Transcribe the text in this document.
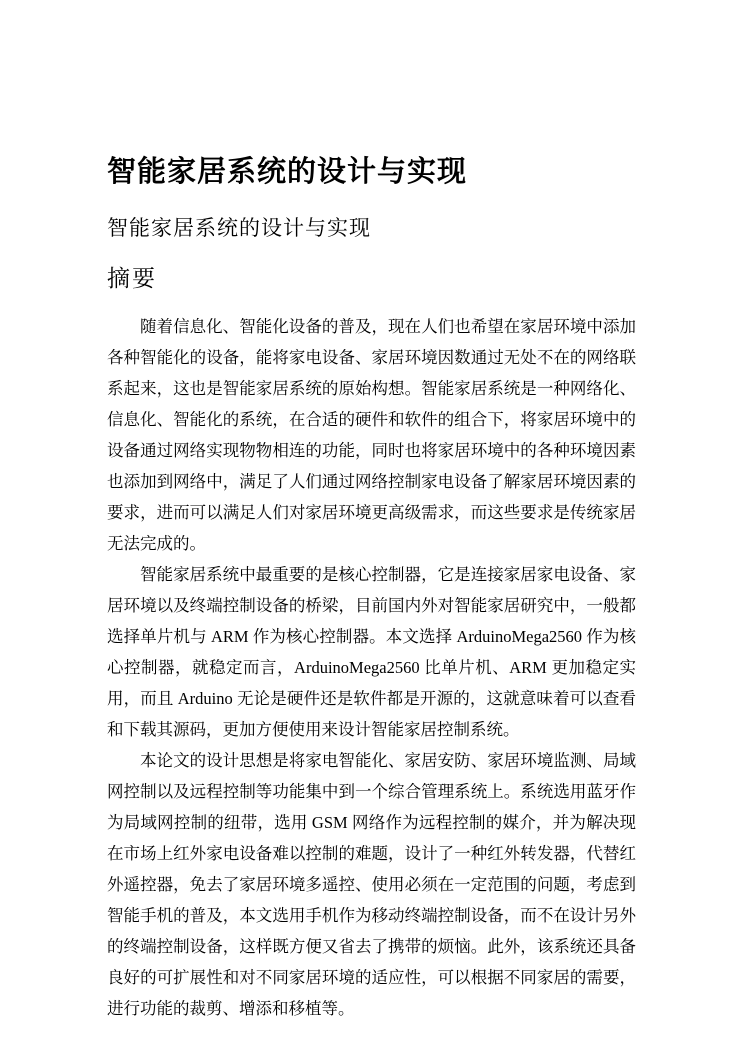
智能家居系统的设计与实现
智能家居系统的设计与实现
摘要

随着信息化、智能化设备的普及，现在人们也希望在家居环境中添加各种智能化的设备，能将家电设备、家居环境因数通过无处不在的网络联系起来，这也是智能家居系统的原始构想。智能家居系统是一种网络化、信息化、智能化的系统，在合适的硬件和软件的组合下，将家居环境中的设备通过网络实现物物相连的功能，同时也将家居环境中的各种环境因素也添加到网络中，满足了人们通过网络控制家电设备了解家居环境因素的要求，进而可以满足人们对家居环境更高级需求，而这些要求是传统家居无法完成的。

智能家居系统中最重要的是核心控制器，它是连接家居家电设备、家居环境以及终端控制设备的桥梁，目前国内外对智能家居研究中，一般都选择单片机与 ARM 作为核心控制器。本文选择 ArduinoMega2560 作为核心控制器，就稳定而言，ArduinoMega2560 比单片机、ARM 更加稳定实用，而且 Arduino 无论是硬件还是软件都是开源的，这就意味着可以查看和下载其源码，更加方便使用来设计智能家居控制系统。

本论文的设计思想是将家电智能化、家居安防、家居环境监测、局域网控制以及远程控制等功能集中到一个综合管理系统上。系统选用蓝牙作为局域网控制的纽带，选用 GSM 网络作为远程控制的媒介，并为解决现在市场上红外家电设备难以控制的难题，设计了一种红外转发器，代替红外遥控器，免去了家居环境多遥控、使用必须在一定范围的问题，考虑到智能手机的普及，本文选用手机作为移动终端控制设备，而不在设计另外的终端控制设备，这样既方便又省去了携带的烦恼。此外，该系统还具备良好的可扩展性和对不同家居环境的适应性，可以根据不同家居的需要，进行功能的裁剪、增添和移植等。
